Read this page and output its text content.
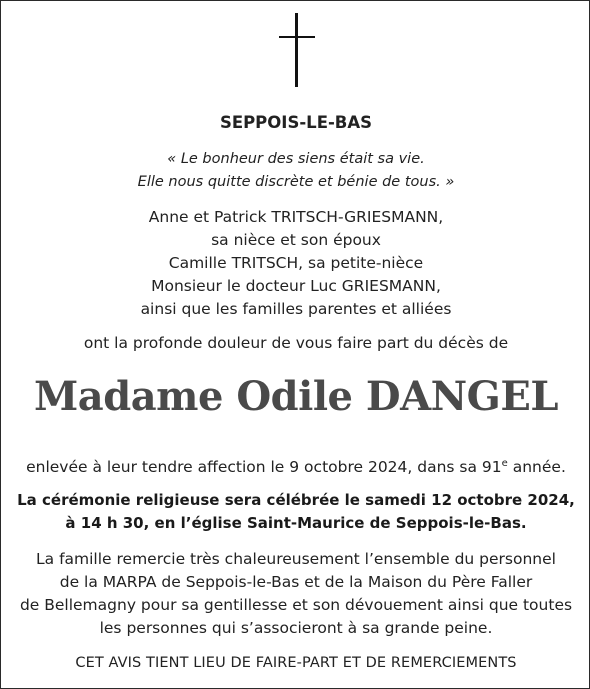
SEPPOIS-LE-BAS
« Le bonheur des siens était sa vie.
Elle nous quitte discrète et bénie de tous. »
Anne et Patrick TRITSCH-GRIESMANN,
sa nièce et son époux
Camille TRITSCH, sa petite-nièce
Monsieur le docteur Luc GRIESMANN,
ainsi que les familles parentes et alliées
ont la profonde douleur de vous faire part du décès de
Madame Odile DANGEL
enlevée à leur tendre affection le 9 octobre 2024, dans sa 91e année.
La cérémonie religieuse sera célébrée le samedi 12 octobre 2024,
à 14 h 30, en l’église Saint-Maurice de Seppois-le-Bas.
La famille remercie très chaleureusement l’ensemble du personnel
de la MARPA de Seppois-le-Bas et de la Maison du Père Faller
de Bellemagny pour sa gentillesse et son dévouement ainsi que toutes
les personnes qui s’associeront à sa grande peine.
CET AVIS TIENT LIEU DE FAIRE-PART ET DE REMERCIEMENTS
